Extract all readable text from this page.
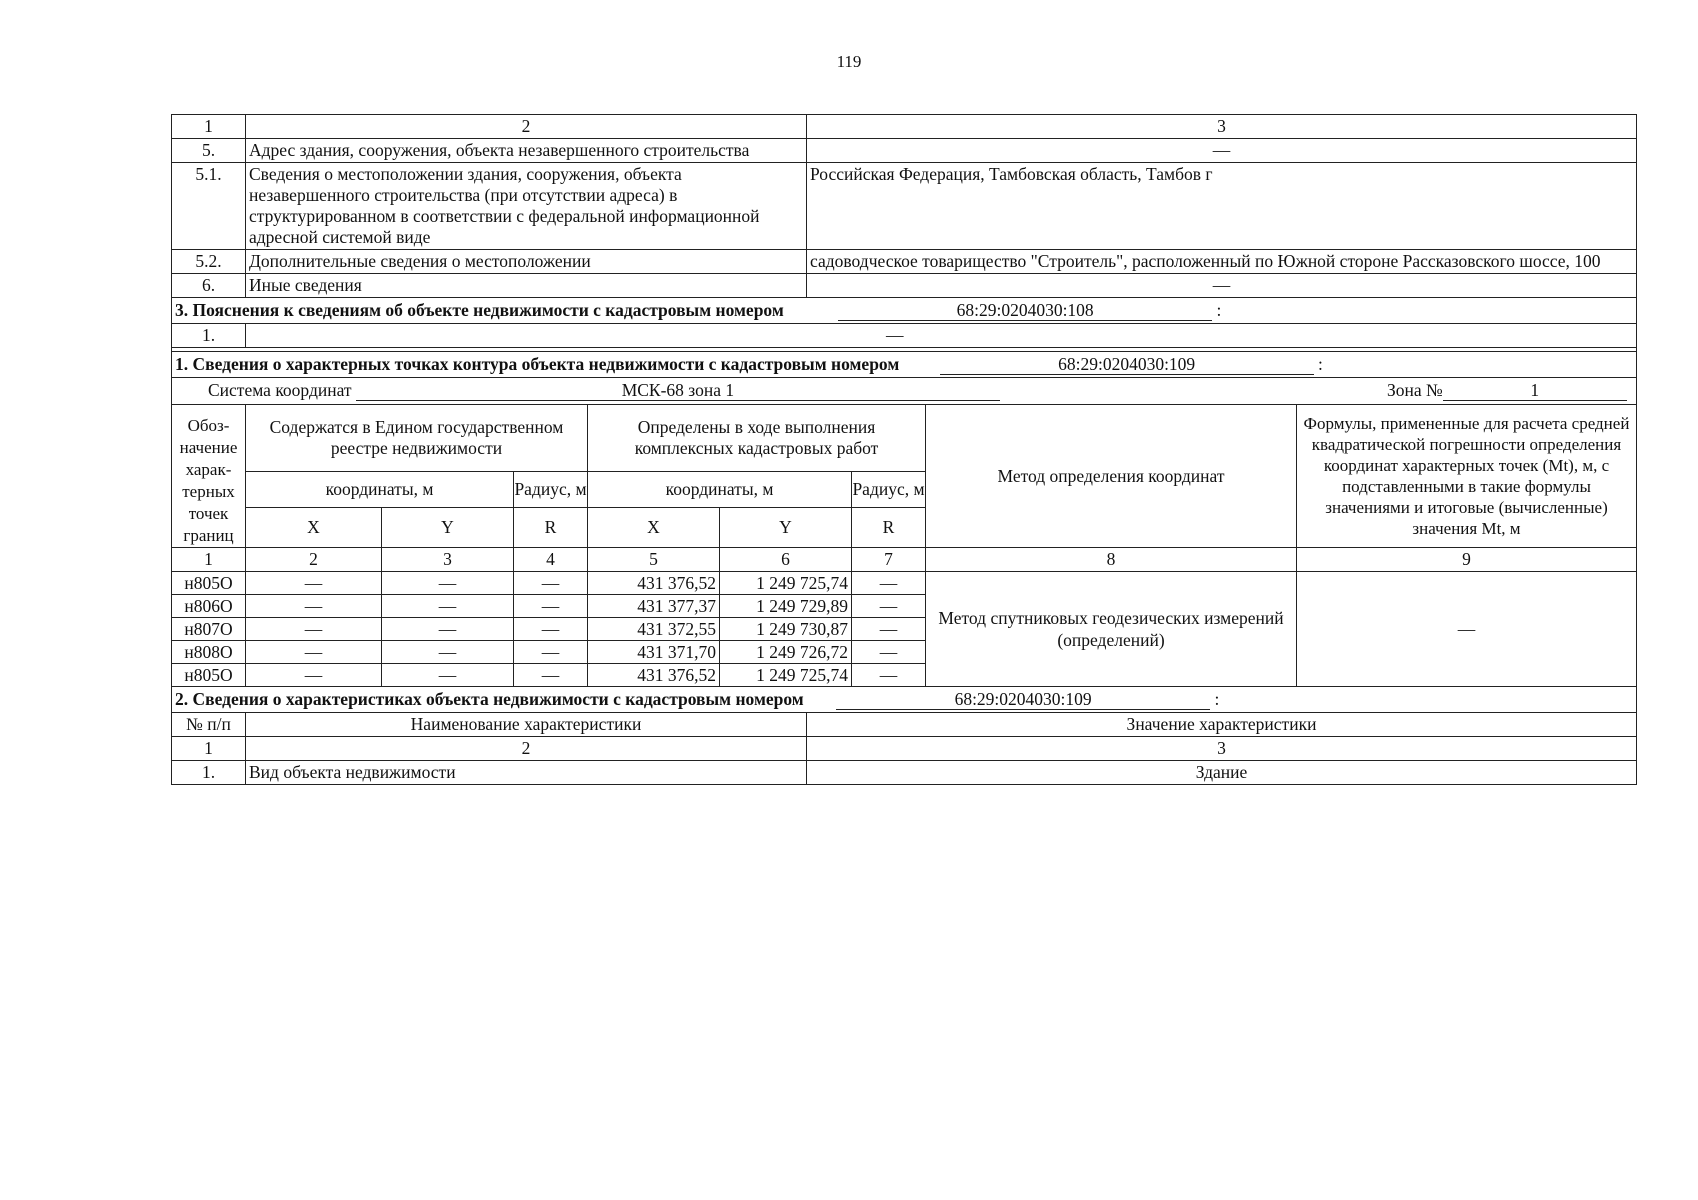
119
1	2	3
5.	Адрес здания, сооружения, объекта незавершенного строительства	—
5.1.	Сведения о местоположении здания, сооружения, объекта незавершенного строительства (при отсутствии адреса) в структурированном в соответствии с федеральной информационной адресной системой виде	Российская Федерация, Тамбовская область, Тамбов г
5.2.	Дополнительные сведения о местоположении	садоводческое товарищество "Строитель", расположенный по Южной стороне Рассказовского шоссе, 100
6.	Иные сведения	—
3. Пояснения к сведениям об объекте недвижимости с кадастровым номером 68:29:0204030:108 :		
1.	—	
1. Сведения о характерных точках контура объекта недвижимости с кадастровым номером 68:29:0204030:109 :								
Система координат МСК-68 зона 1 Зона № 1								

Обоз-начение харак-терных точек границ	Содержатся в Едином государственном реестре недвижимости			Определены в ходе выполнения комплексных кадастровых работ			Метод определения координат	Формулы, примененные для расчета средней квадратической погрешности определения координат характерных точек (Mt), м, с подставленными в такие формулы значениями и итоговые (вычисленные) значения Mt, м
	координаты, м		Радиус, м	координаты, м		Радиус, м		
	X	Y	R	X	Y	R		
1	2	3	4	5	6	7	8	9
н805О	—	—	—	431 376,52	1 249 725,74	—	Метод спутниковых геодезических измерений (определений)	—
н806О	—	—	—	431 377,37	1 249 729,89	—		
н807О	—	—	—	431 372,55	1 249 730,87	—		
н808О	—	—	—	431 371,70	1 249 726,72	—		
н805О	—	—	—	431 376,52	1 249 725,74	—		
2. Сведения о характеристиках объекта недвижимости с кадастровым номером 68:29:0204030:109 :		
№ п/п	Наименование характеристики	Значение характеристики
1	2	3
1.	Вид объекта недвижимости	Здание
